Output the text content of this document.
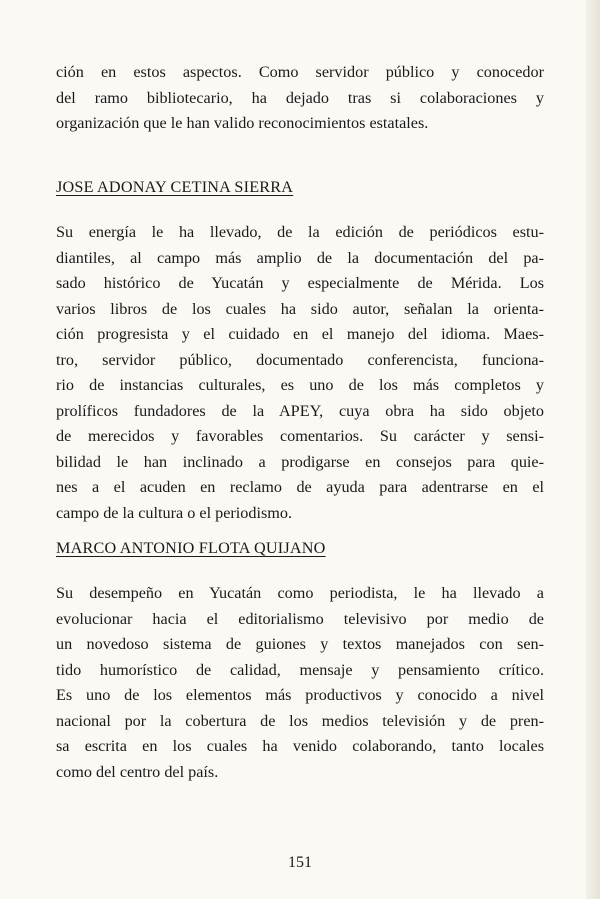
ción en estos aspectos. Como servidor público y conocedor
del ramo bibliotecario, ha dejado tras si colaboraciones y
organización que le han valido reconocimientos estatales.
JOSE ADONAY CETINA SIERRA
Su energía le ha llevado, de la edición de periódicos estu-
diantiles, al campo más amplio de la documentación del pa-
sado histórico de Yucatán y especialmente de Mérida. Los
varios libros de los cuales ha sido autor, señalan la orienta-
ción progresista y el cuidado en el manejo del idioma. Maes-
tro, servidor público, documentado conferencista, funciona-
rio de instancias culturales, es uno de los más completos y
prolíficos fundadores de la APEY, cuya obra ha sido objeto
de merecidos y favorables comentarios. Su carácter y sensi-
bilidad le han inclinado a prodigarse en consejos para quie-
nes a el acuden en reclamo de ayuda para adentrarse en el
campo de la cultura o el periodismo.
MARCO ANTONIO FLOTA QUIJANO
Su desempeño en Yucatán como periodista, le ha llevado a
evolucionar hacia el editorialismo televisivo por medio de
un novedoso sistema de guiones y textos manejados con sen-
tido humorístico de calidad, mensaje y pensamiento crítico.
Es uno de los elementos más productivos y conocido a nivel
nacional por la cobertura de los medios televisión y de pren-
sa escrita en los cuales ha venido colaborando, tanto locales
como del centro del país.
151
